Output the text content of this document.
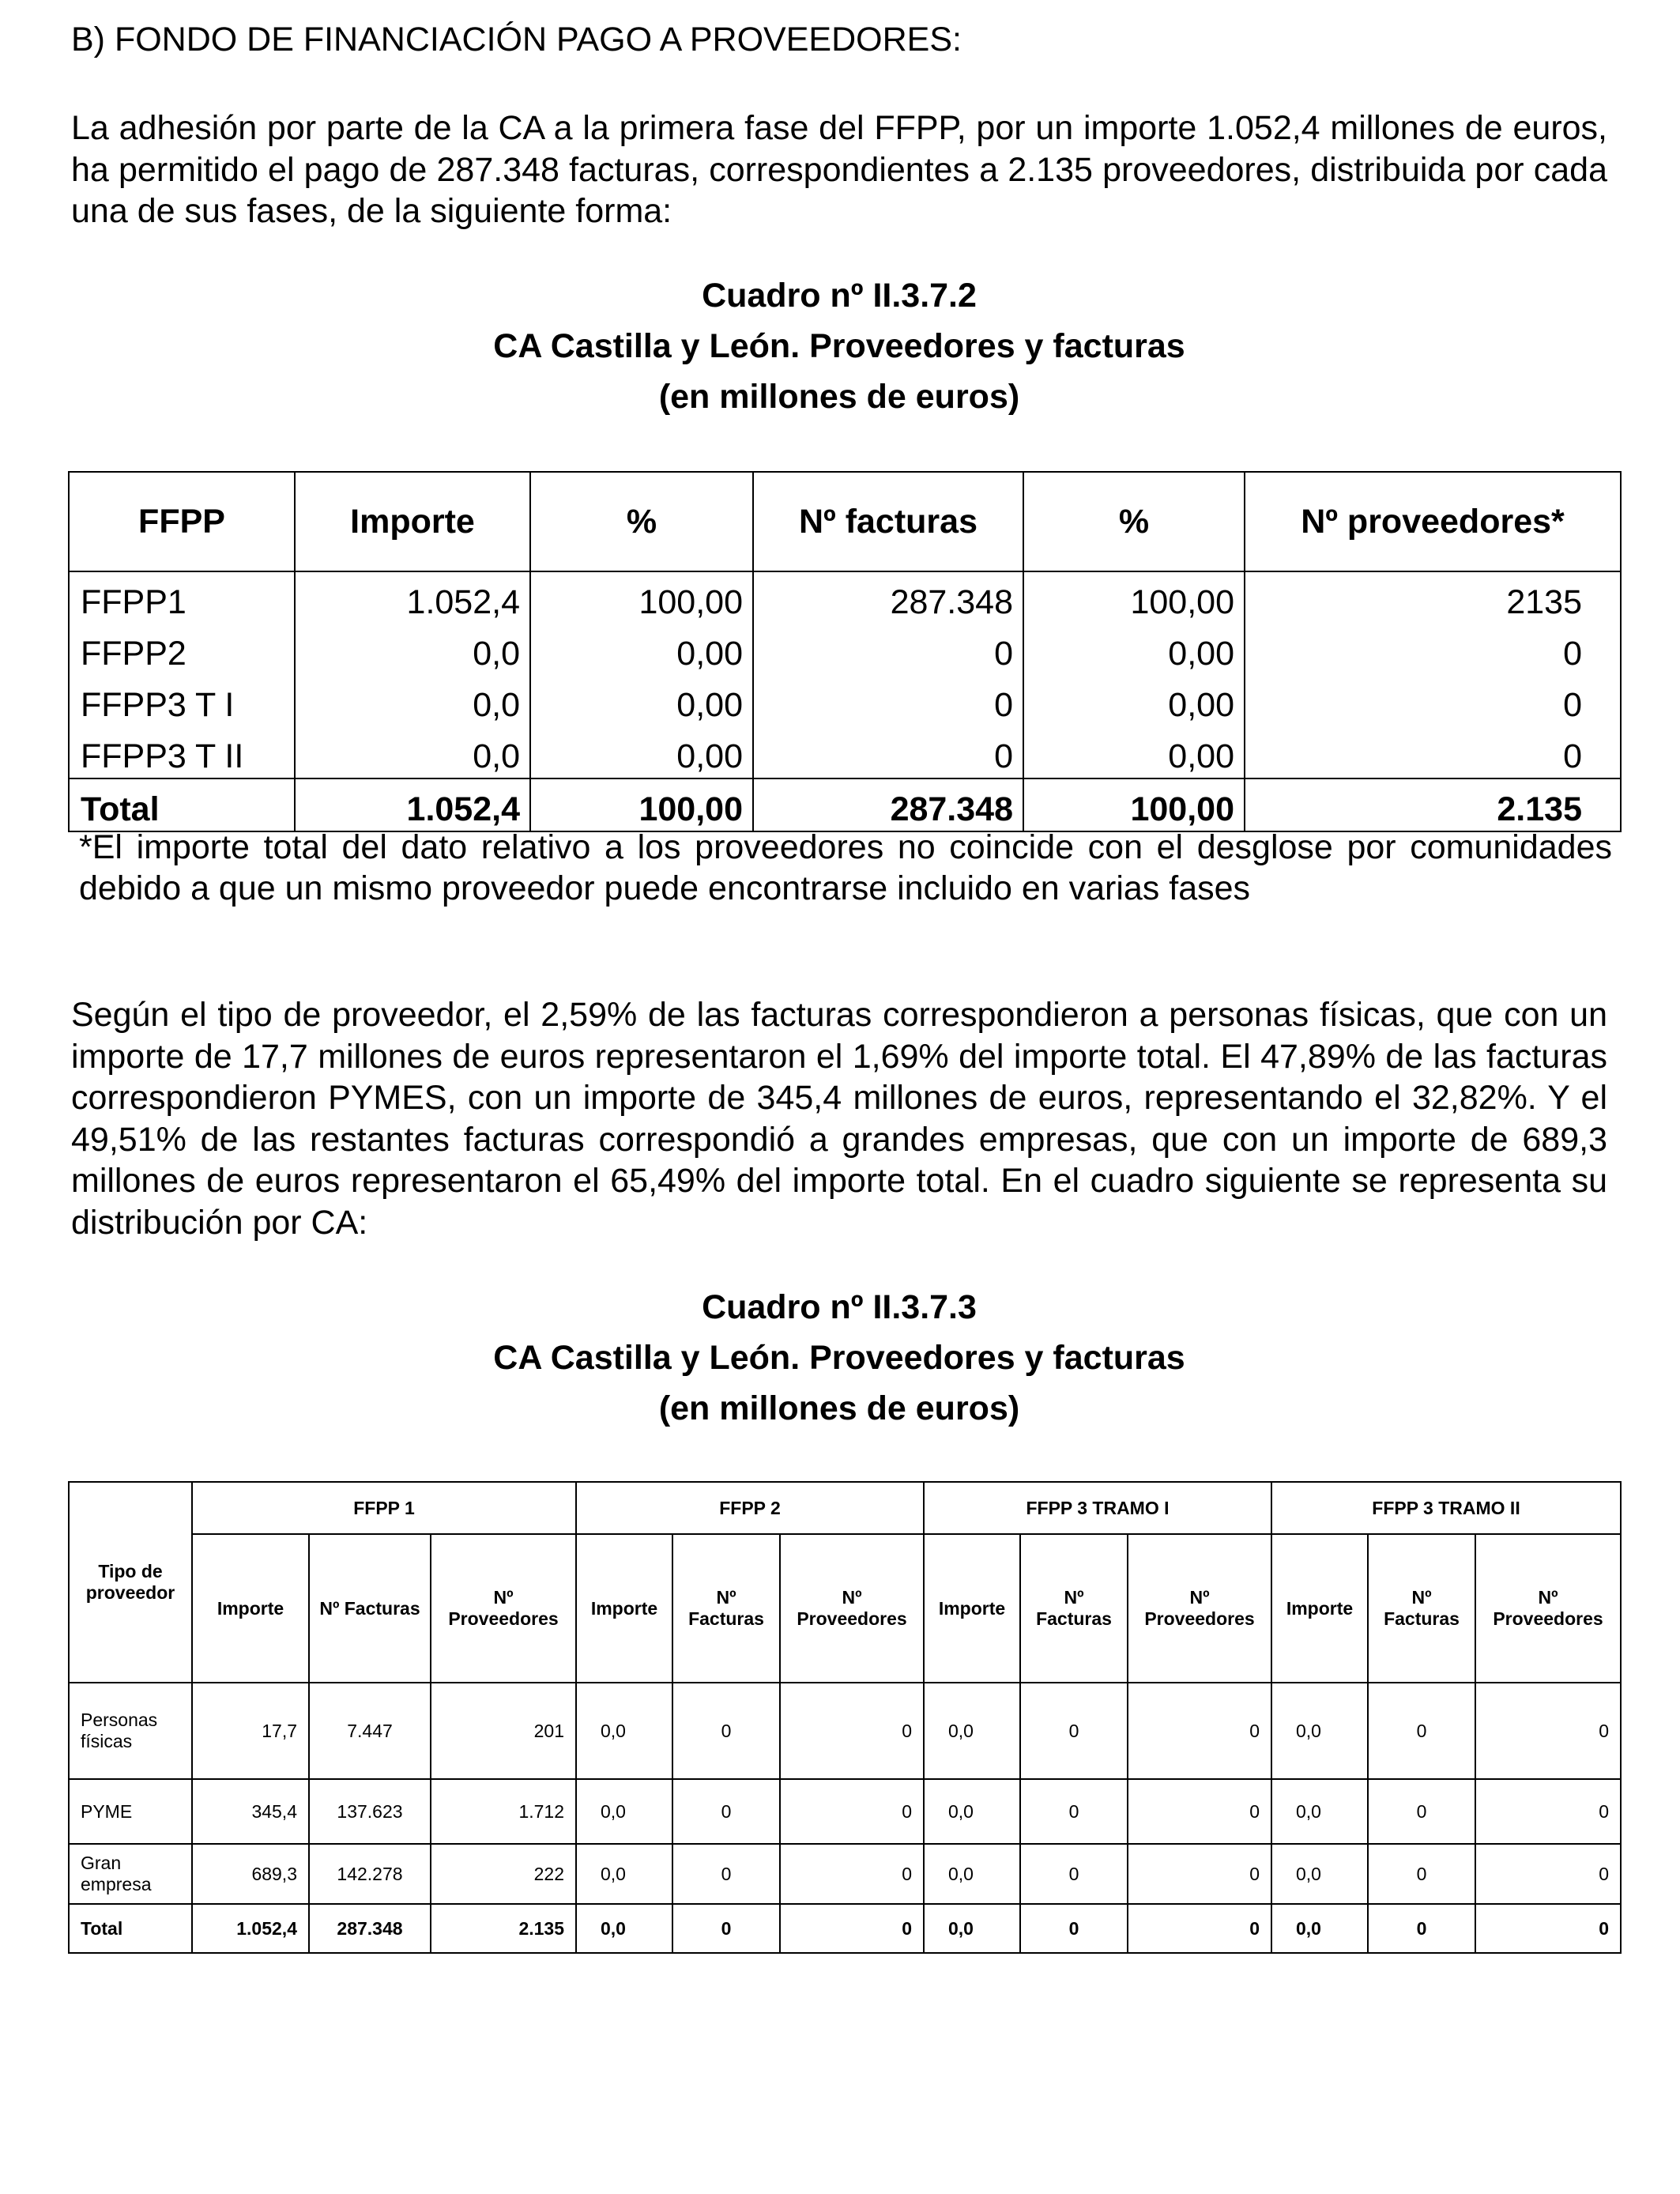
B) FONDO DE FINANCIACIÓN PAGO A PROVEEDORES:
La adhesión por parte de la CA a la primera fase del FFPP, por un importe 1.052,4 millones de euros, ha permitido el pago de 287.348 facturas, correspondientes a 2.135 proveedores, distribuida por cada una de sus fases, de la siguiente forma:
Cuadro nº II.3.7.2
CA Castilla y León. Proveedores y facturas
(en millones de euros)
FFPP	Importe	%	Nº facturas	%	Nº proveedores*
FFPP1	1.052,4	100,00	287.348	100,00	2135
FFPP2	0,0	0,00	0	0,00	0
FFPP3 T I	0,0	0,00	0	0,00	0
FFPP3 T II	0,0	0,00	0	0,00	0
Total	1.052,4	100,00	287.348	100,00	2.135
*El importe total del dato relativo a los proveedores no coincide con el desglose por comunidades debido a que un mismo proveedor puede encontrarse incluido en varias fases
Según el tipo de proveedor, el 2,59% de las facturas correspondieron a personas físicas, que con un importe de 17,7 millones de euros representaron el 1,69% del importe total. El 47,89% de las facturas correspondieron PYMES, con un importe de 345,4 millones de euros, representando el 32,82%. Y el 49,51% de las restantes facturas correspondió a grandes empresas, que con un importe de 689,3 millones de euros representaron el 65,49% del importe total. En el cuadro siguiente se representa su distribución por CA:
Cuadro nº II.3.7.3
CA Castilla y León. Proveedores y facturas
(en millones de euros)
Tipo de proveedor	FFPP 1			FFPP 2			FFPP 3 TRAMO I			FFPP 3 TRAMO II		
	Importe	Nº Facturas	Nº Proveedores	Importe	Nº Facturas	Nº Proveedores	Importe	Nº Facturas	Nº Proveedores	Importe	Nº Facturas	Nº Proveedores
Personas físicas	17,7	7.447	201	0,0	0	0	0,0	0	0	0,0	0	0
PYME	345,4	137.623	1.712	0,0	0	0	0,0	0	0	0,0	0	0
Gran empresa	689,3	142.278	222	0,0	0	0	0,0	0	0	0,0	0	0
Total	1.052,4	287.348	2.135	0,0	0	0	0,0	0	0	0,0	0	0
